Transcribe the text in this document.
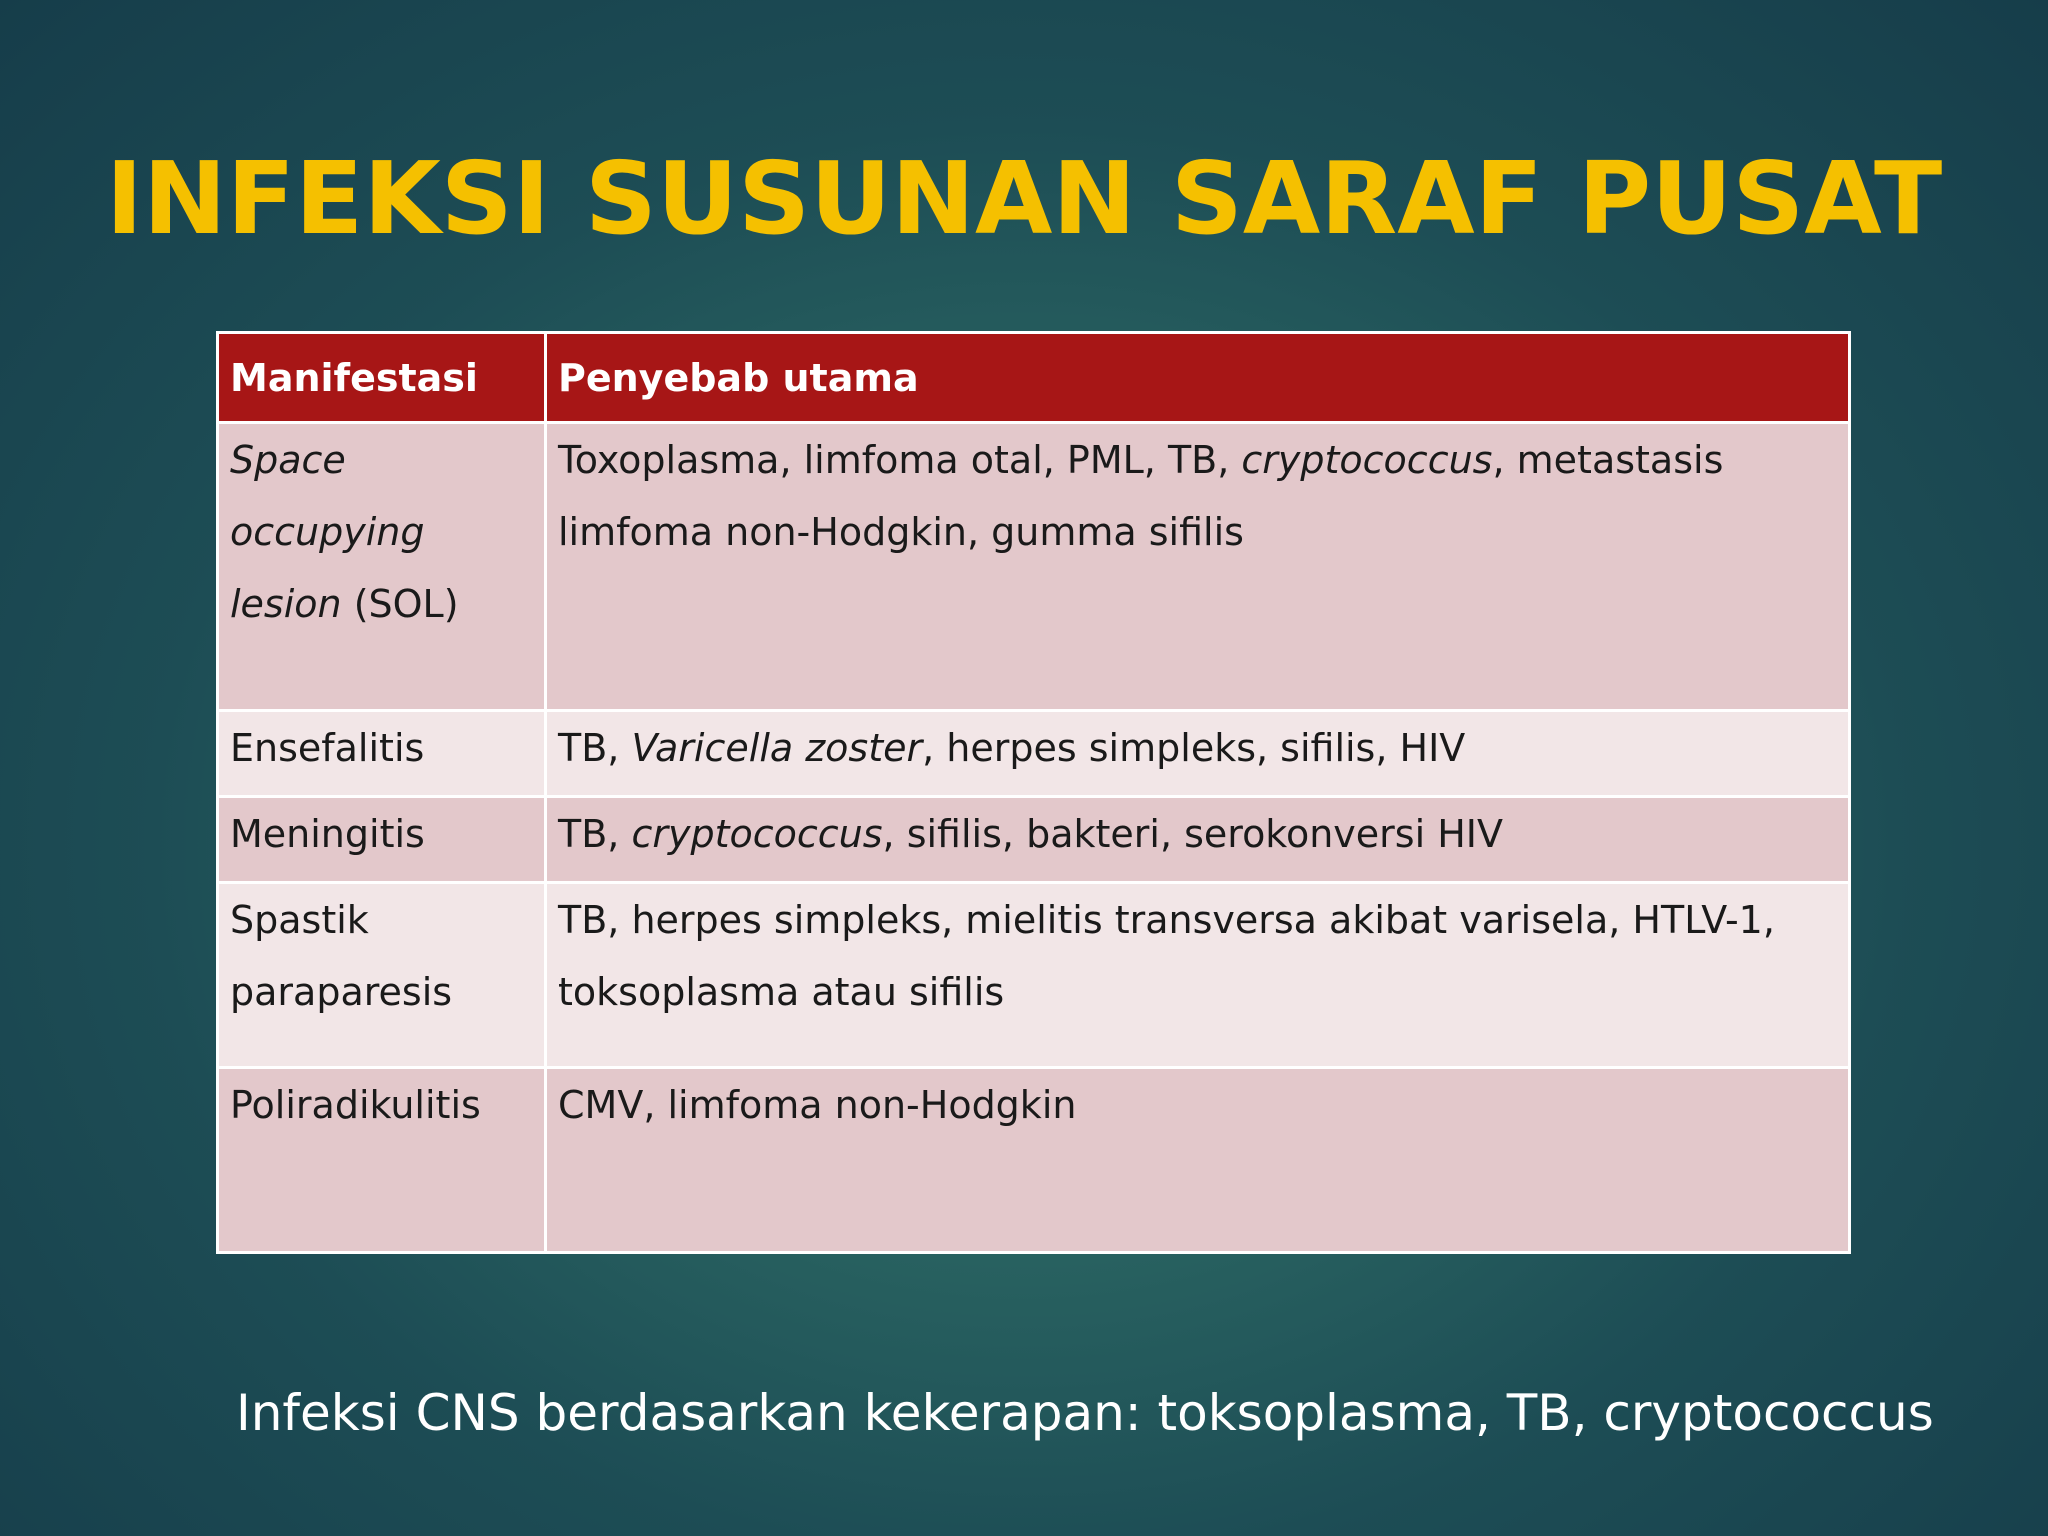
INFEKSI SUSUNAN SARAF PUSAT
Manifestasi	Penyebab utama
Space occupying lesion (SOL)	Toxoplasma, limfoma otal, PML, TB, cryptococcus, metastasis limfoma non-Hodgkin, gumma sifilis
Ensefalitis	TB, Varicella zoster, herpes simpleks, sifilis, HIV
Meningitis	TB, cryptococcus, sifilis, bakteri, serokonversi HIV
Spastik paraparesis	TB, herpes simpleks, mielitis transversa akibat varisela, HTLV-1, toksoplasma atau sifilis
Poliradikulitis	CMV, limfoma non-Hodgkin
Infeksi CNS berdasarkan kekerapan: toksoplasma, TB, cryptococcus
